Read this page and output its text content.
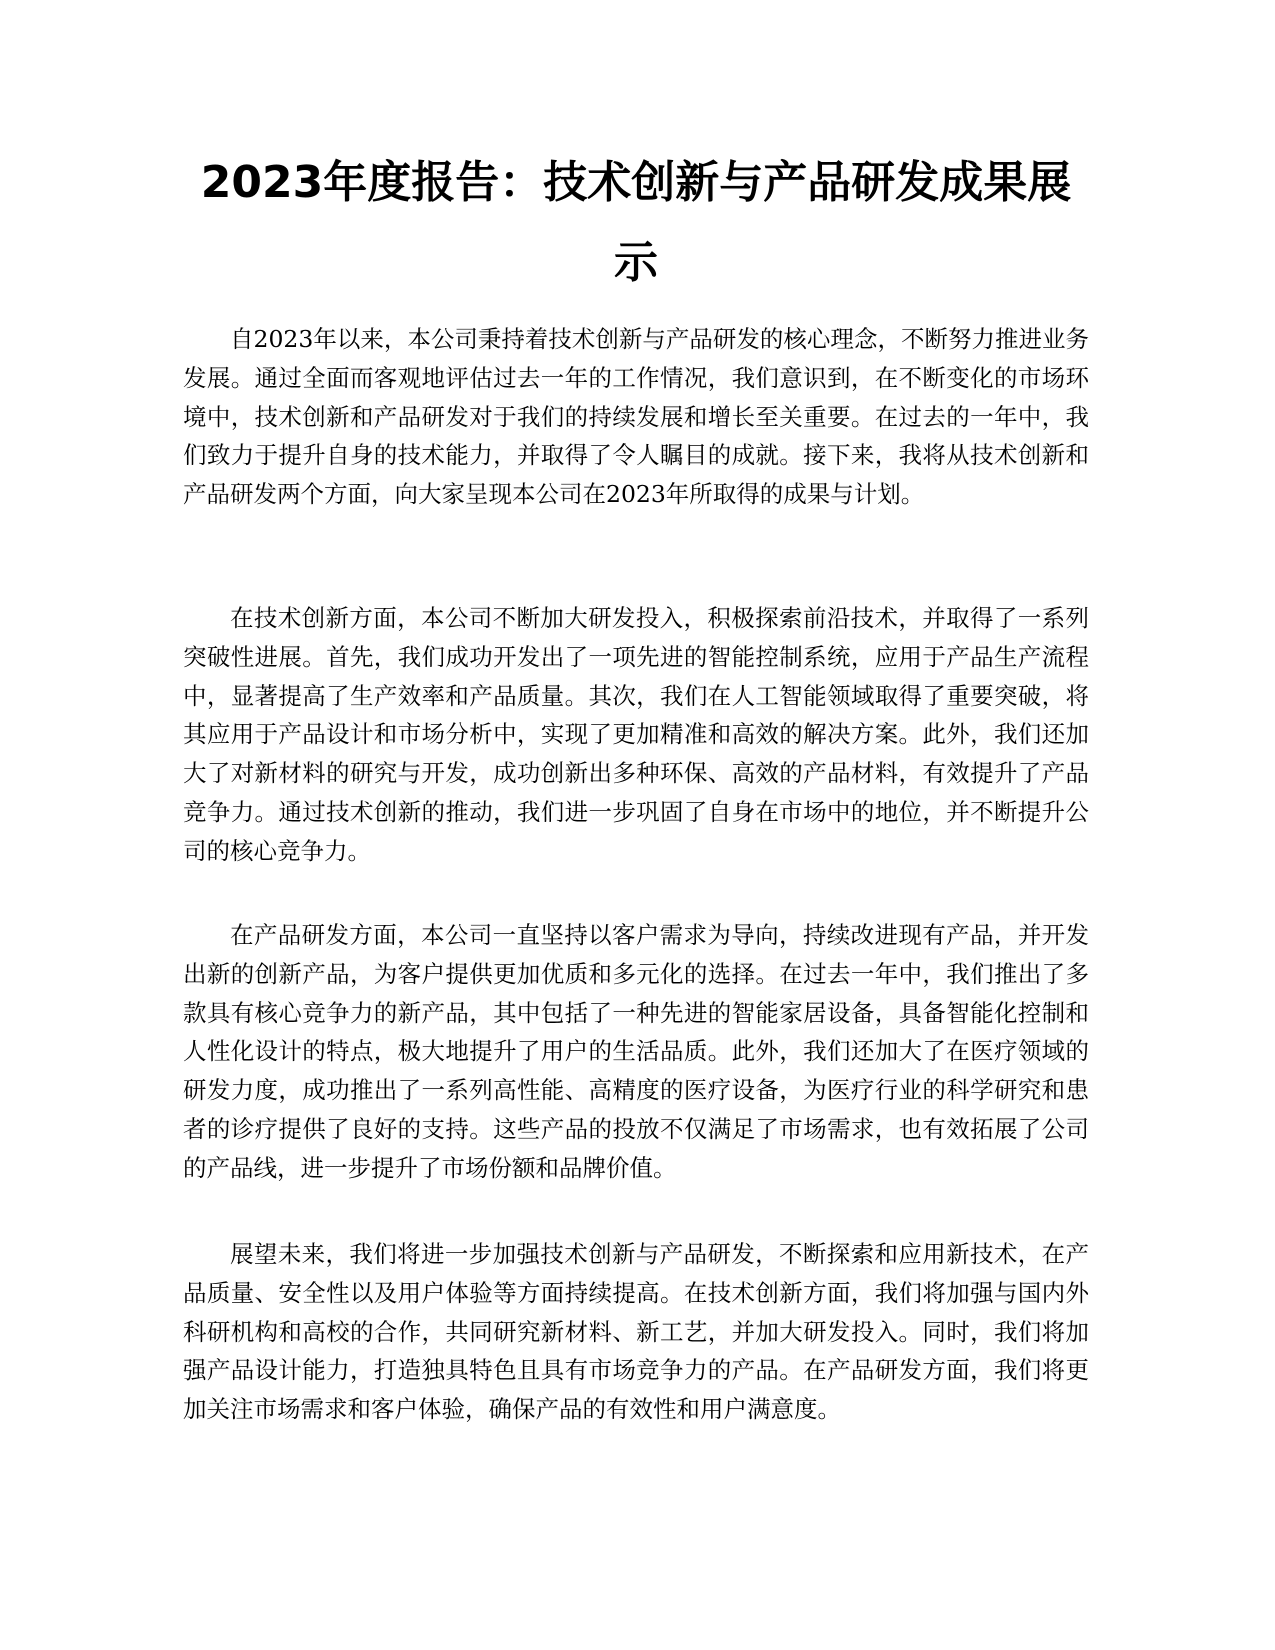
2023年度报告：技术创新与产品研发成果展示

自2023年以来，本公司秉持着技术创新与产品研发的核心理念，不断努力推进业务发展。通过全面而客观地评估过去一年的工作情况，我们意识到，在不断变化的市场环境中，技术创新和产品研发对于我们的持续发展和增长至关重要。在过去的一年中，我们致力于提升自身的技术能力，并取得了令人瞩目的成就。接下来，我将从技术创新和产品研发两个方面，向大家呈现本公司在2023年所取得的成果与计划。

在技术创新方面，本公司不断加大研发投入，积极探索前沿技术，并取得了一系列突破性进展。首先，我们成功开发出了一项先进的智能控制系统，应用于产品生产流程中，显著提高了生产效率和产品质量。其次，我们在人工智能领域取得了重要突破，将其应用于产品设计和市场分析中，实现了更加精准和高效的解决方案。此外，我们还加大了对新材料的研究与开发，成功创新出多种环保、高效的产品材料，有效提升了产品竞争力。通过技术创新的推动，我们进一步巩固了自身在市场中的地位，并不断提升公司的核心竞争力。

在产品研发方面，本公司一直坚持以客户需求为导向，持续改进现有产品，并开发出新的创新产品，为客户提供更加优质和多元化的选择。在过去一年中，我们推出了多款具有核心竞争力的新产品，其中包括了一种先进的智能家居设备，具备智能化控制和人性化设计的特点，极大地提升了用户的生活品质。此外，我们还加大了在医疗领域的研发力度，成功推出了一系列高性能、高精度的医疗设备，为医疗行业的科学研究和患者的诊疗提供了良好的支持。这些产品的投放不仅满足了市场需求，也有效拓展了公司的产品线，进一步提升了市场份额和品牌价值。

展望未来，我们将进一步加强技术创新与产品研发，不断探索和应用新技术，在产品质量、安全性以及用户体验等方面持续提高。在技术创新方面，我们将加强与国内外科研机构和高校的合作，共同研究新材料、新工艺，并加大研发投入。同时，我们将加强产品设计能力，打造独具特色且具有市场竞争力的产品。在产品研发方面，我们将更加关注市场需求和客户体验，确保产品的有效性和用户满意度。
